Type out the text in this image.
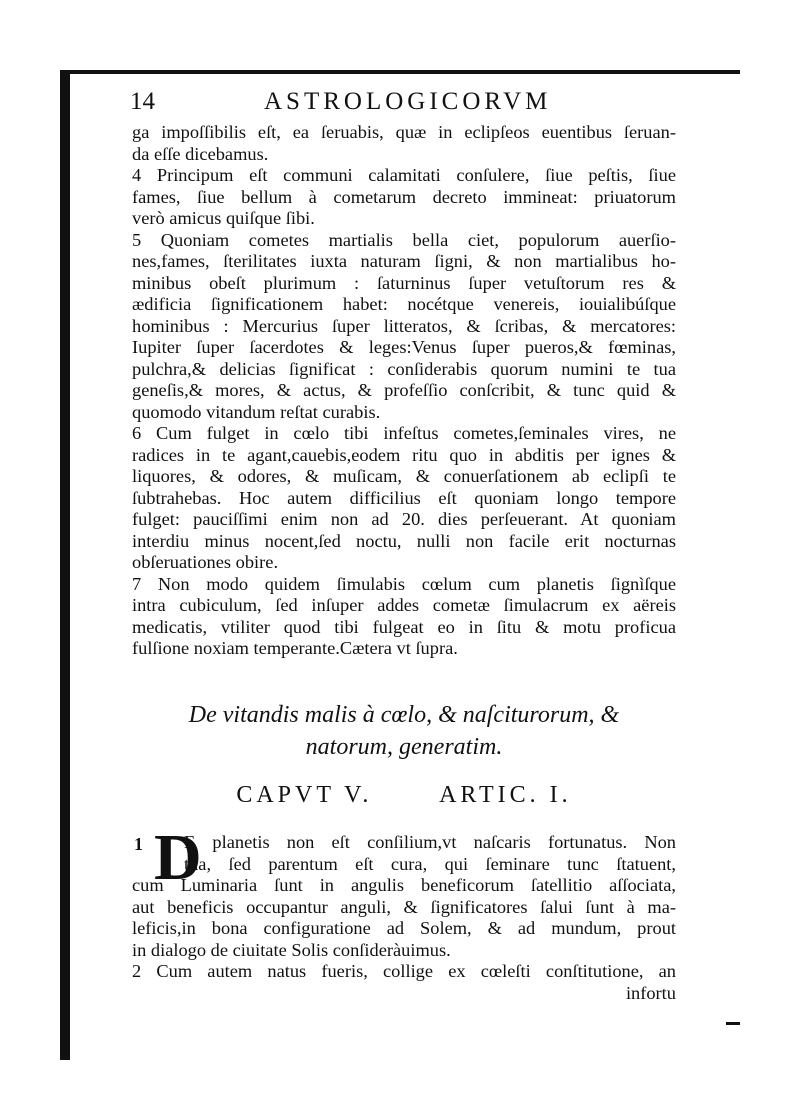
14	ASTROLOGICORVM
ga impoſſibilis eſt, ea ſeruabis, quæ in eclipſeos euentibus ſeruan-
da eſſe dicebamus.
4 Principum eſt communi calamitati conſulere, ſiue peſtis, ſiue
fames, ſiue bellum à cometarum decreto immineat: priuatorum
verò amicus quiſque ſibi.
5 Quoniam cometes martialis bella ciet, populorum auerſio-
nes,fames, ſterilitates iuxta naturam ſigni, & non martialibus ho-
minibus obeſt plurimum : ſaturninus ſuper vetuſtorum res &
ædificia ſignificationem habet: nocétque venereis, iouialibúſque
hominibus : Mercurius ſuper litteratos, & ſcribas, & mercatores:
Iupiter ſuper ſacerdotes & leges:Venus ſuper pueros,& fœminas,
pulchra,& delicias ſignificat : conſiderabis quorum numini te tua
geneſis,& mores, & actus, & profeſſio conſcribit, & tunc quid &
quomodo vitandum reſtat curabis.
6 Cum fulget in cœlo tibi infeſtus cometes,ſeminales vires, ne
radices in te agant,cauebis,eodem ritu quo in abditis per ignes &
liquores, & odores, & muſicam, & conuerſationem ab eclipſi te
ſubtrahebas. Hoc autem difficilius eſt quoniam longo tempore
fulget: pauciſſimi enim non ad 20. dies perſeuerant. At quoniam
interdiu minus nocent,ſed noctu, nulli non facile erit nocturnas
obſeruationes obire.
7 Non modo quidem ſimulabis cœlum cum planetis ſignìſque
intra cubiculum, ſed inſuper addes cometæ ſimulacrum ex aëreis
medicatis, vtiliter quod tibi fulgeat eo in ſitu & motu proficua
fulſione noxiam temperante.Cætera vt ſupra.
De vitandis malis à cœlo, & naſciturorum, &
natorum, generatim.
CAPVT V.	ARTIC. I.
1 D
E planetis non eſt conſilium,vt naſcaris fortunatus. Non
tua, ſed parentum eſt cura, qui ſeminare tunc ſtatuent,
cum Luminaria ſunt in angulis beneficorum ſatellitio aſſociata,
aut beneficis occupantur anguli, & ſignificatores ſalui ſunt à ma-
leficis,in bona configuratione ad Solem, & ad mundum, prout
in dialogo de ciuitate Solis conſideràuimus.
2 Cum autem natus fueris, collige ex cœleſti conſtitutione, an
infortu
